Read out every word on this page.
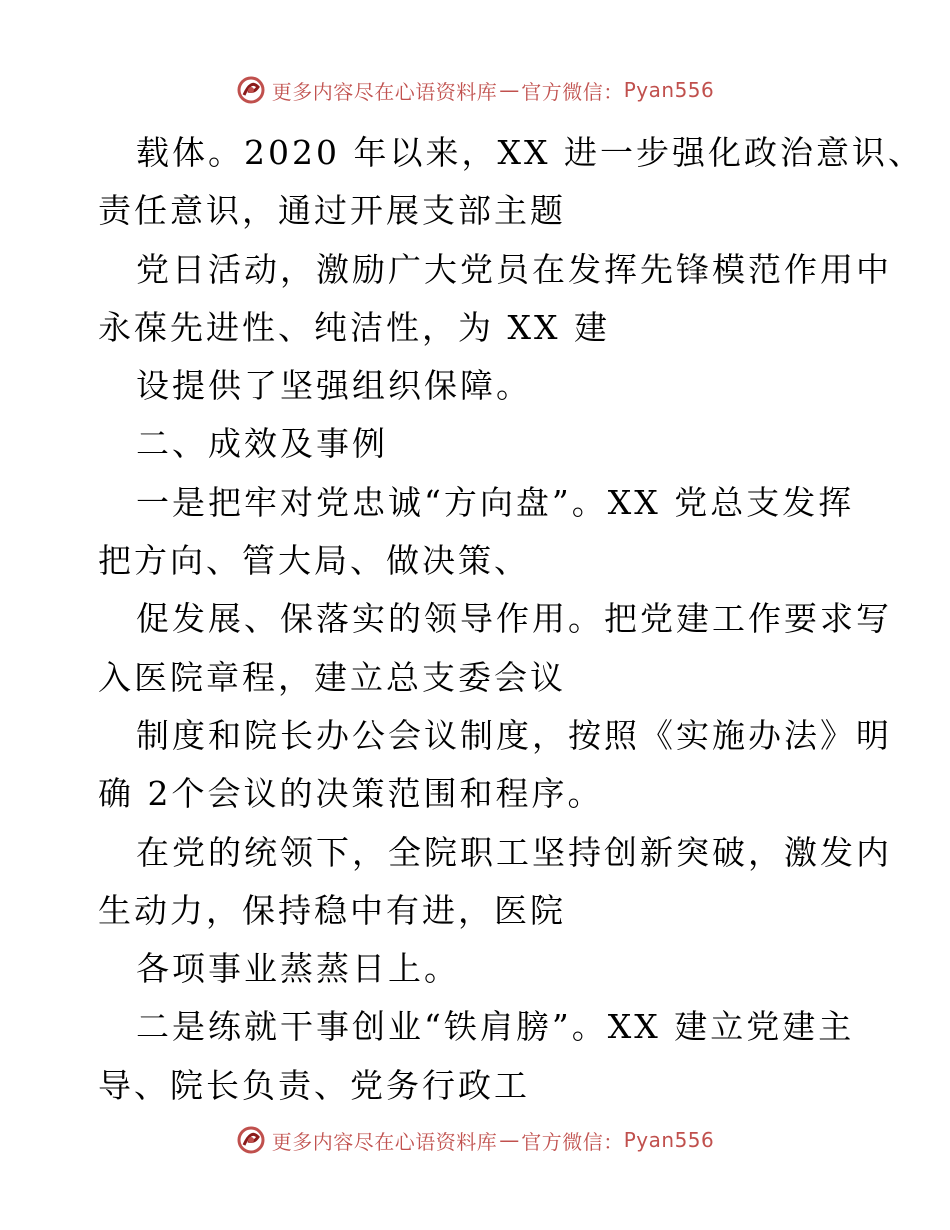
更多内容尽在心语资料库 — 官方微信： Pyan556
载体。2020 年以来，XX 进一步强化政治意识、
责任意识，通过开展支部主题
党日活动，激励广大党员在发挥先锋模范作用中
永葆先进性、纯洁性，为 XX 建
设提供了坚强组织保障。
二、成效及事例
一是把牢对党忠诚“方向盘”。XX 党总支发挥
把方向、管大局、做决策、
促发展、保落实的领导作用。把党建工作要求写
入医院章程，建立总支委会议
制度和院长办公会议制度，按照《实施办法》明
确 2个会议的决策范围和程序。
在党的统领下，全院职工坚持创新突破，激发内
生动力，保持稳中有进，医院
各项事业蒸蒸日上。
二是练就干事创业“铁肩膀”。XX 建立党建主
导、院长负责、党务行政工
更多内容尽在心语资料库 — 官方微信： Pyan556
